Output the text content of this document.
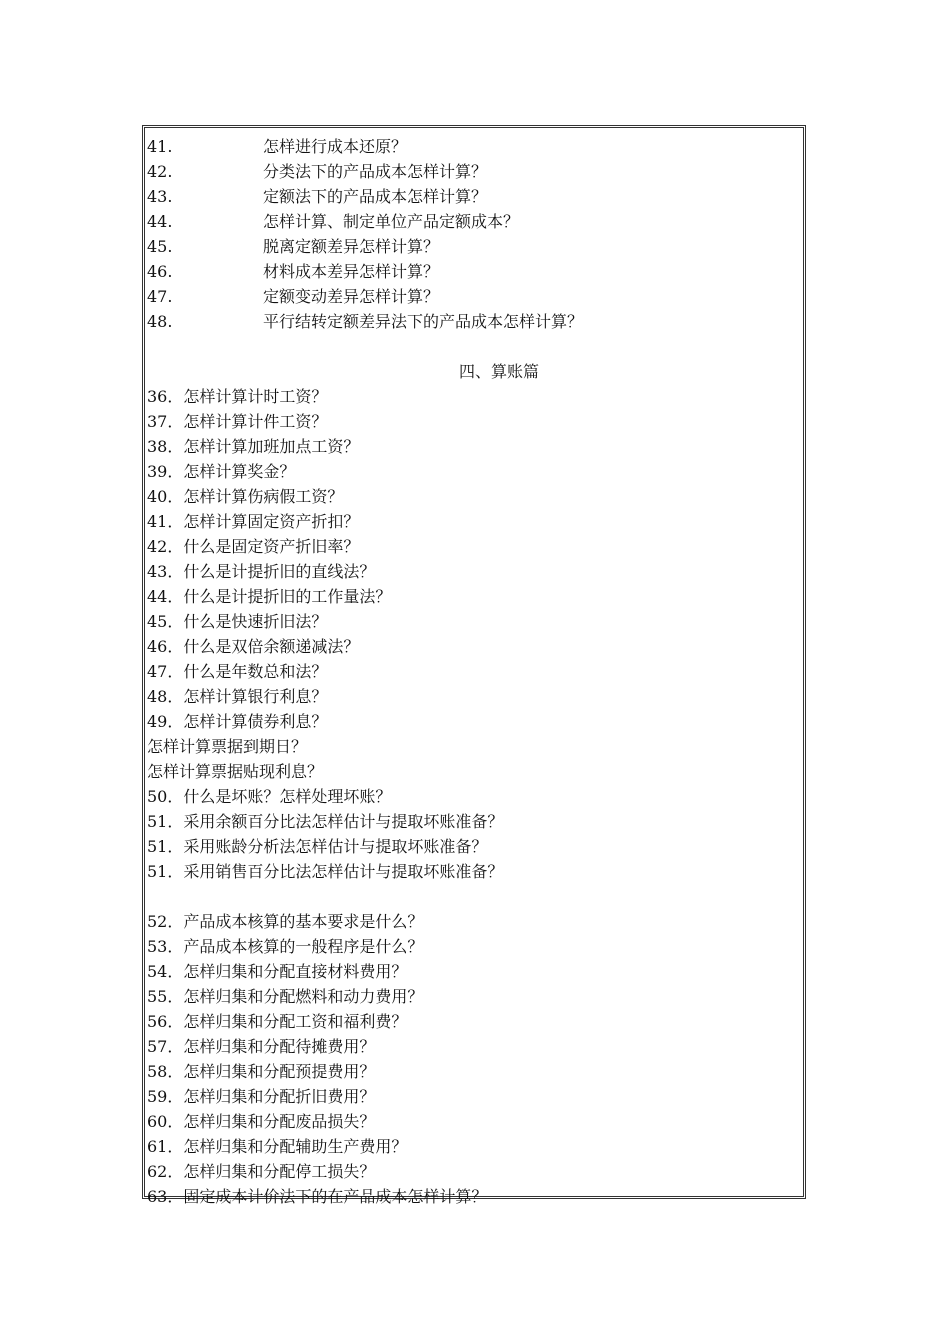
41.	怎样进行成本还原？
42.	分类法下的产品成本怎样计算？
43.	定额法下的产品成本怎样计算？
44.	怎样计算、制定单位产品定额成本？
45.	脱离定额差异怎样计算？
46.	材料成本差异怎样计算？
47.	定额变动差异怎样计算？
48.	平行结转定额差异法下的产品成本怎样计算？
四、算账篇
36．怎样计算计时工资？
37．怎样计算计件工资？
38．怎样计算加班加点工资？
39．怎样计算奖金？
40．怎样计算伤病假工资？
41．怎样计算固定资产折扣？
42．什么是固定资产折旧率？
43．什么是计提折旧的直线法？
44．什么是计提折旧的工作量法？
45．什么是快速折旧法？
46．什么是双倍余额递减法？
47．什么是年数总和法？
48．怎样计算银行利息？
49．怎样计算债券利息？
怎样计算票据到期日？
怎样计算票据贴现利息？
50．什么是坏账？怎样处理坏账？
51．采用余额百分比法怎样估计与提取坏账准备？
51．采用账龄分析法怎样估计与提取坏账准备？
51．采用销售百分比法怎样估计与提取坏账准备？
52．产品成本核算的基本要求是什么？
53．产品成本核算的一般程序是什么？
54．怎样归集和分配直接材料费用？
55．怎样归集和分配燃料和动力费用？
56．怎样归集和分配工资和福利费？
57．怎样归集和分配待摊费用？
58．怎样归集和分配预提费用？
59．怎样归集和分配折旧费用？
60．怎样归集和分配废品损失？
61．怎样归集和分配辅助生产费用？
62．怎样归集和分配停工损失？
63．固定成本计价法下的在产品成本怎样计算？
